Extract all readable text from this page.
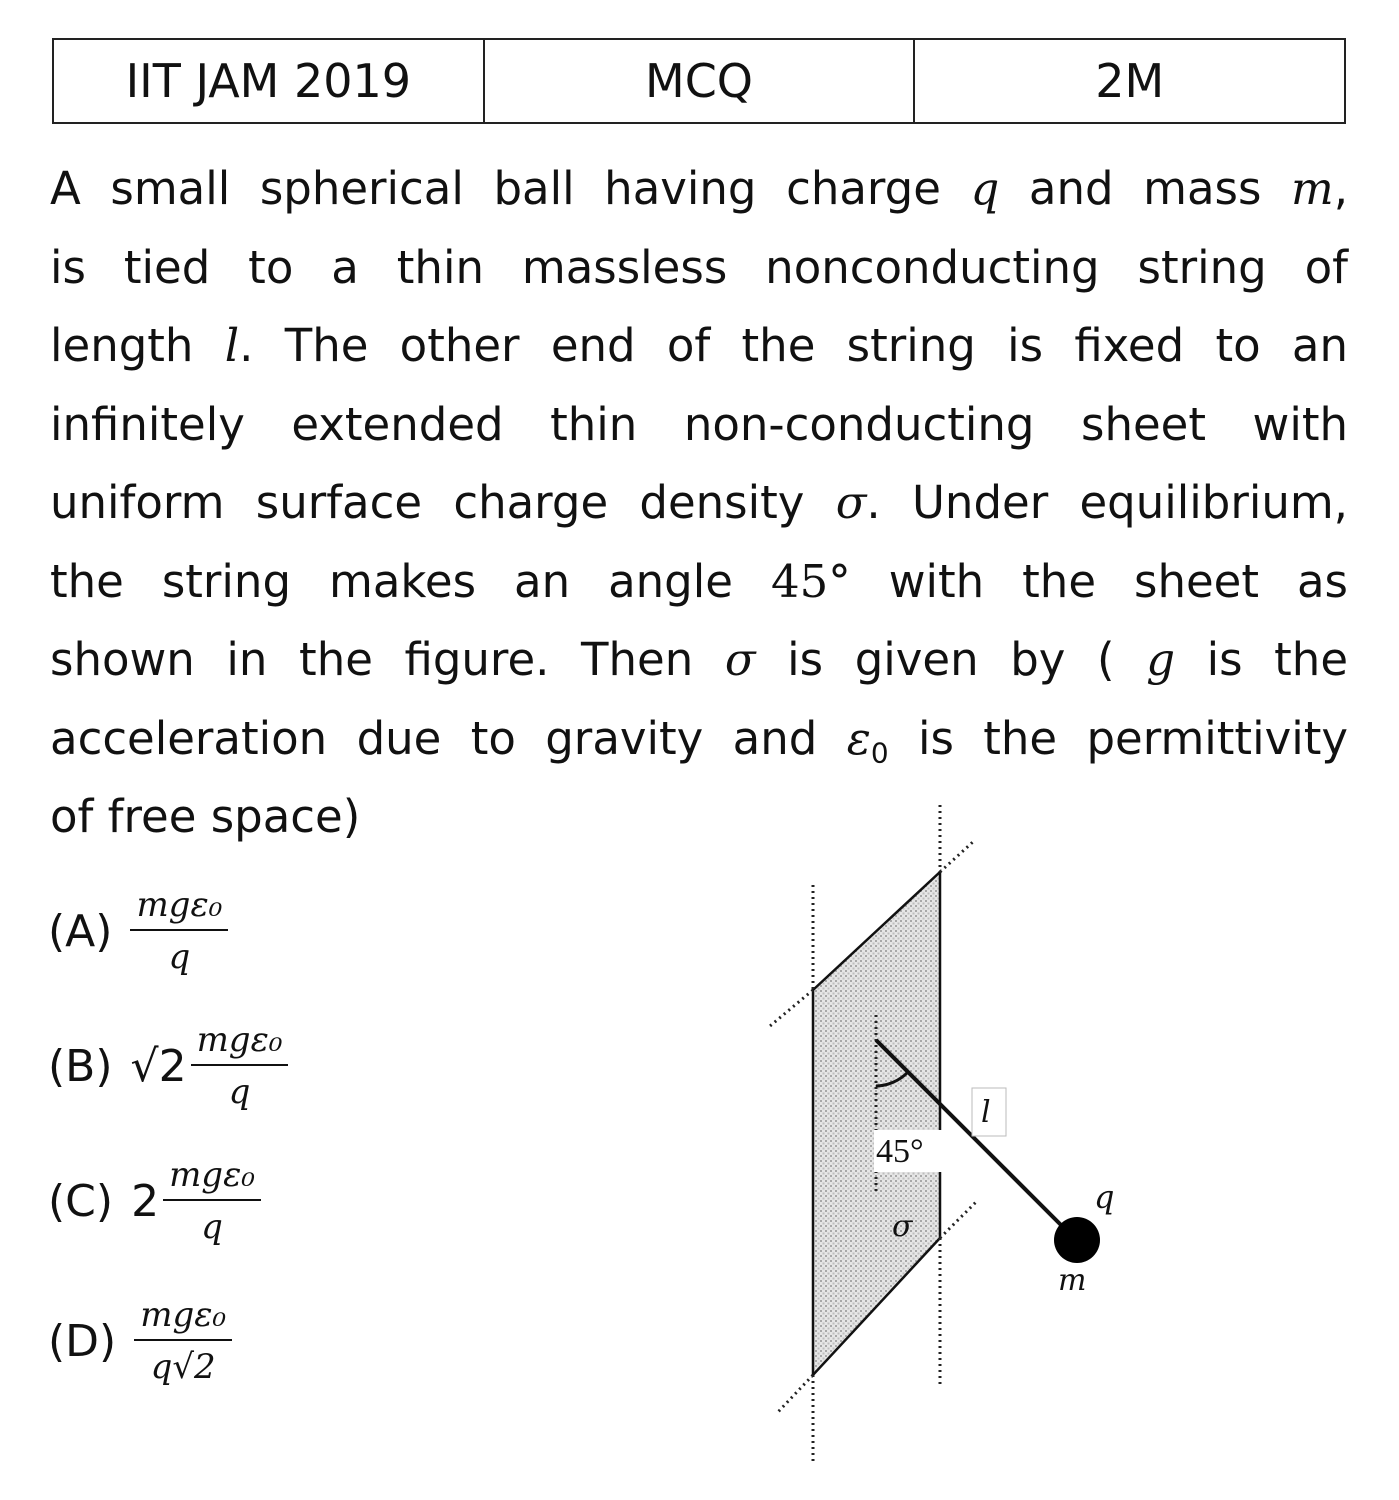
IIT JAM 2019	MCQ	2M
A small spherical ball having charge q and mass m,
is tied to a thin massless nonconducting string of
length l. The other end of the string is fixed to an
infinitely extended thin non-conducting sheet with
uniform surface charge density σ. Under equilibrium,
the string makes an angle 45° with the sheet as
shown in the figure. Then σ is given by ( g is the
acceleration due to gravity and $\varepsilon_0$ is the permittivity
of free space)
$(A) \frac{\text{mgε₀}}{q}$
(B) $√2 \frac{\text{mgε₀}}{q}$
(C) $2 \frac{\text{mgε₀}}{q}$
$(D) \frac{\text{mgε₀}}{q√2}$
l
45°
σ
q
m
